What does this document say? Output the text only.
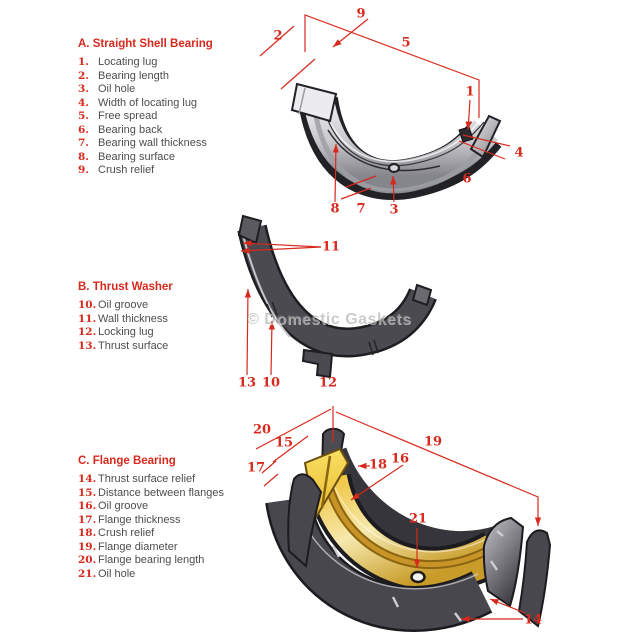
A. Straight Shell Bearing
1. Locating lug
2. Bearing length
3. Oil hole
4. Width of locating lug
5. Free spread
6. Bearing back
7. Bearing wall thickness
8. Bearing surface
9. Crush relief
B. Thrust Washer
10. Oil groove
11. Wall thickness
12. Locking lug
13. Thrust surface
C. Flange Bearing
14. Thrust surface relief
15. Distance between flanges
16. Oil groove
17. Flange thickness
18. Crush relief
19. Flange diameter
20. Flange bearing length
21. Oil hole
© Domestic Gaskets
1
2
3
4
5
6
7
8
9
10
11
12
13
14
15
16
17	18
19
20
21
